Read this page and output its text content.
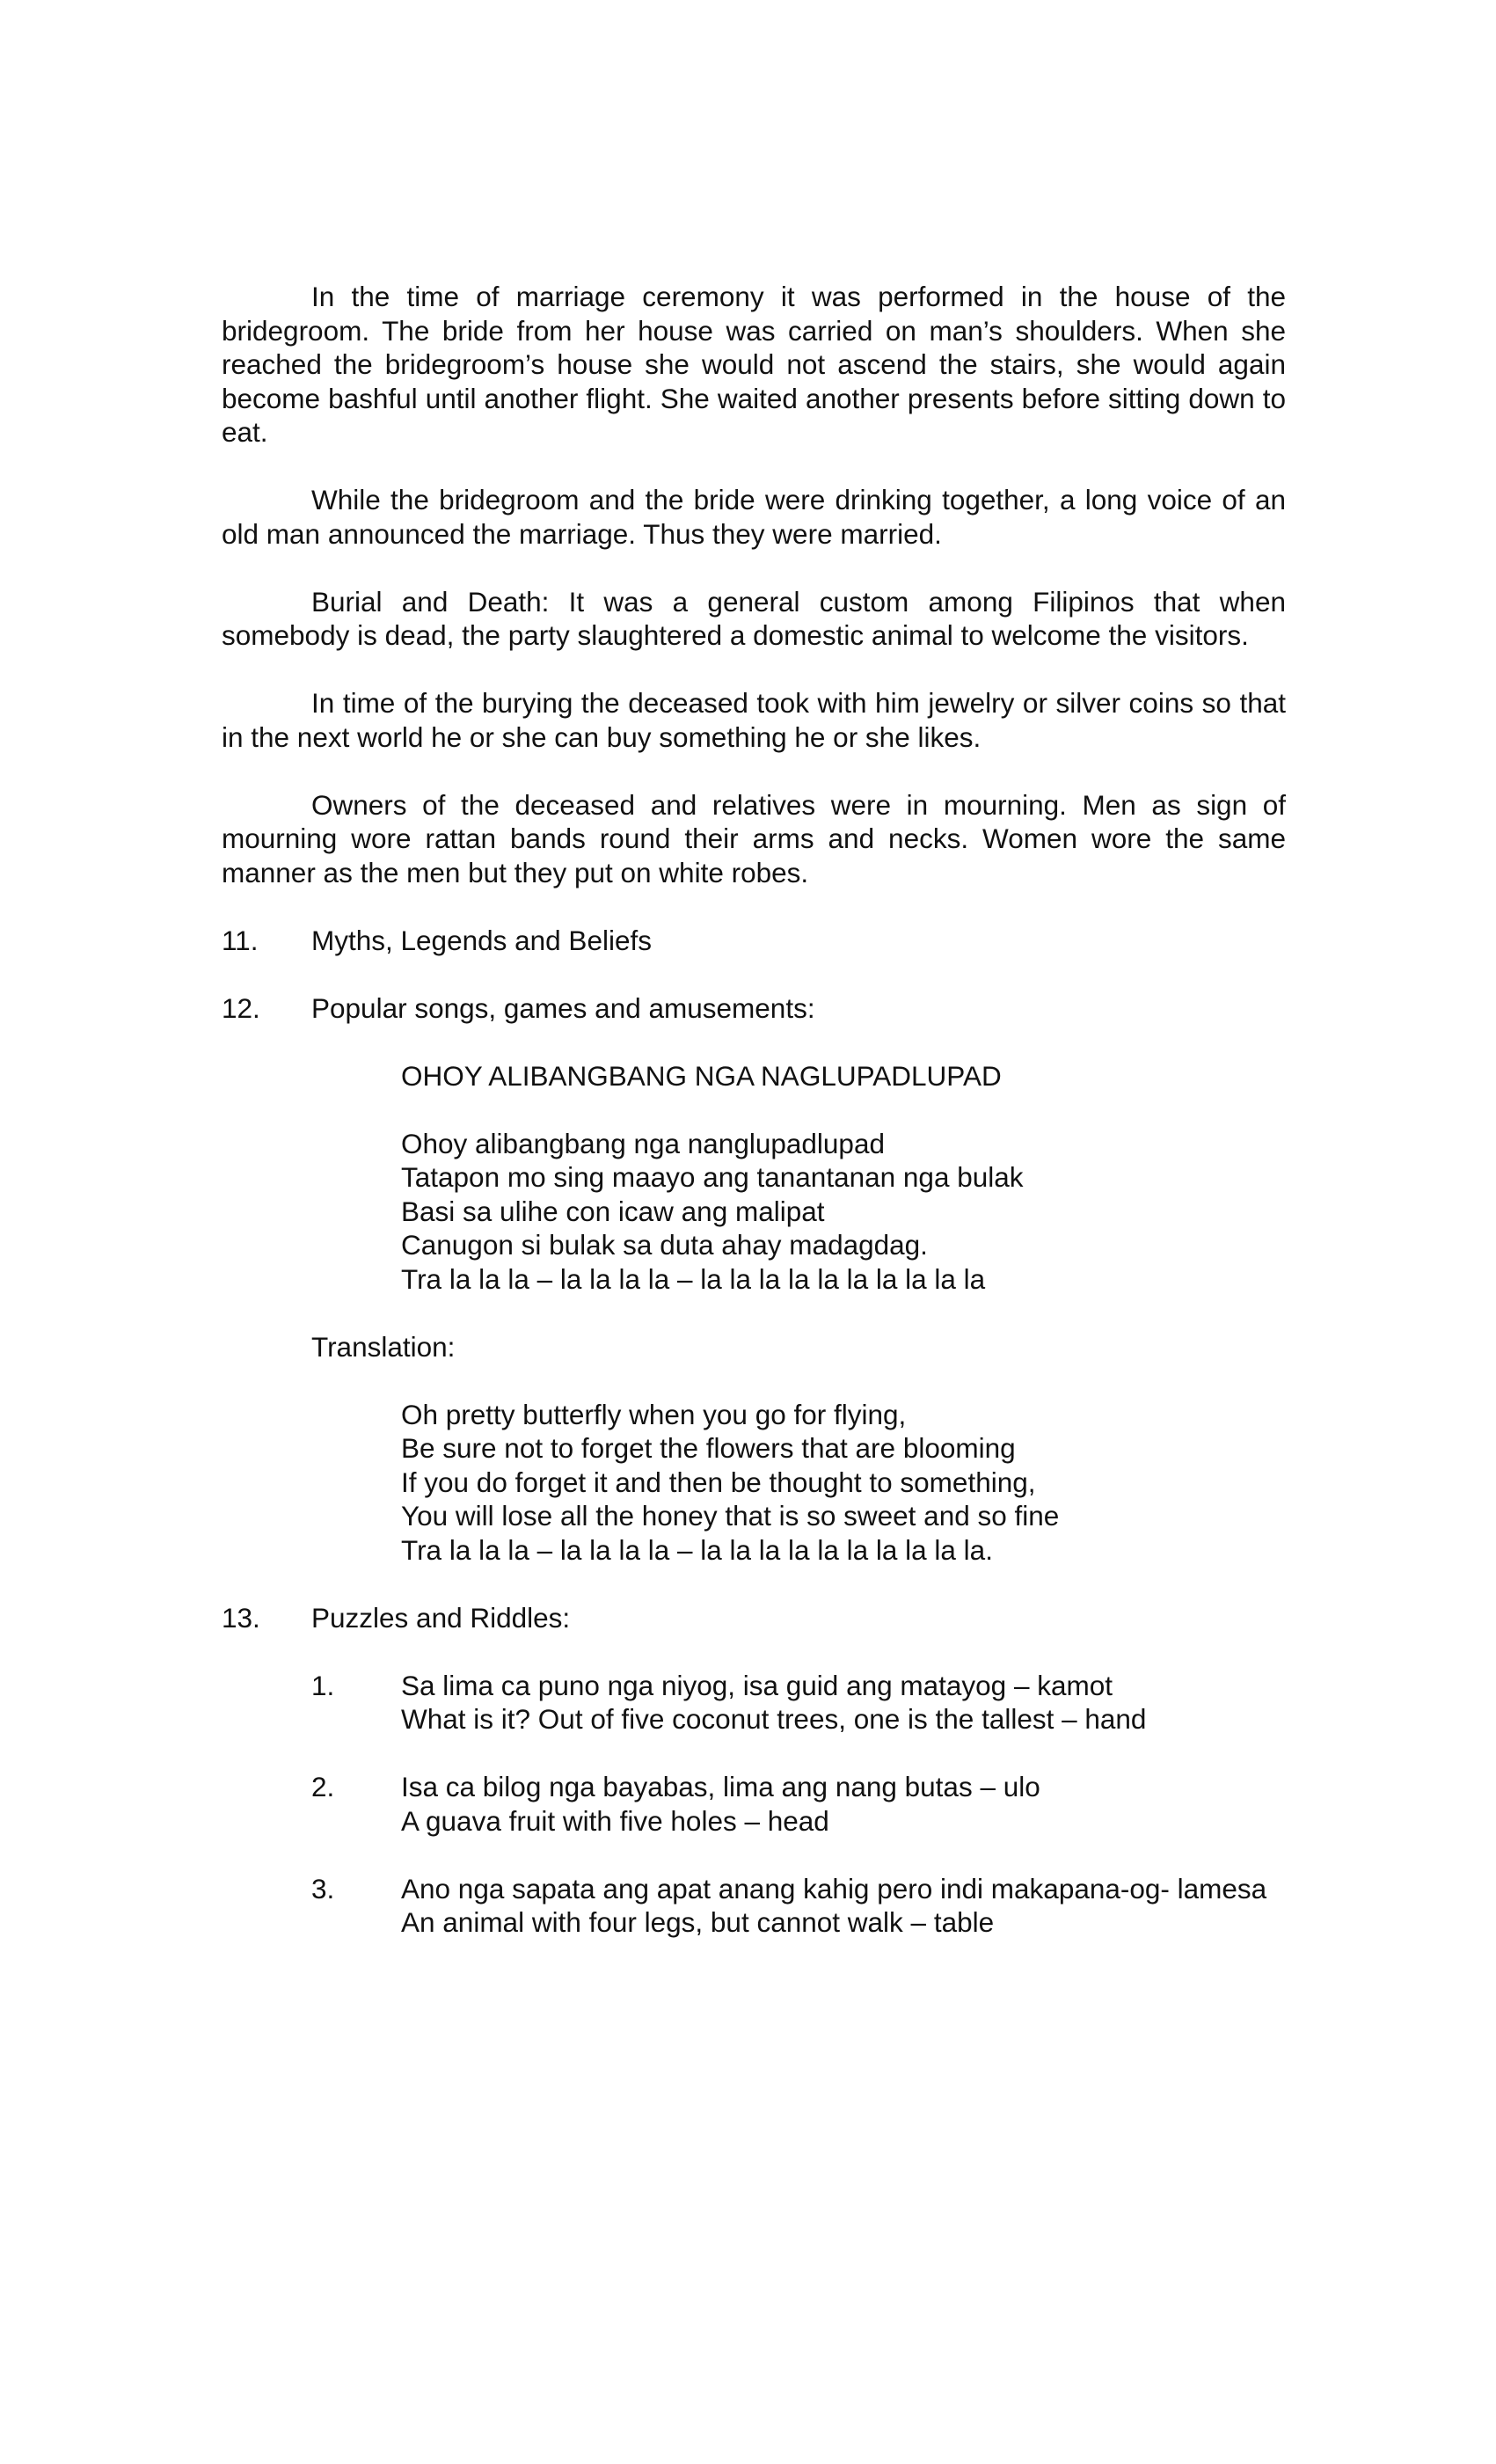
In the time of marriage ceremony it was performed in the house of the bridegroom. The bride from her house was carried on man’s shoulders. When she reached the bridegroom’s house she would not ascend the stairs, she would again become bashful until another flight. She waited another presents before sitting down to eat.

While the bridegroom and the bride were drinking together, a long voice of an old man announced the marriage. Thus they were married.

Burial and Death: It was a general custom among Filipinos that when somebody is dead, the party slaughtered a domestic animal to welcome the visitors.

In time of the burying the deceased took with him jewelry or silver coins so that in the next world he or she can buy something he or she likes.

Owners of the deceased and relatives were in mourning. Men as sign of mourning wore rattan bands round their arms and necks. Women wore the same manner as the men but they put on white robes.

11. Myths, Legends and Beliefs
12. Popular songs, games and amusements:
OHOY ALIBANGBANG NGA NAGLUPADLUPAD
Ohoy alibangbang nga nanglupadlupad
Tatapon mo sing maayo ang tanantanan nga bulak
Basi sa ulihe con icaw ang malipat
Canugon si bulak sa duta ahay madagdag.
Tra la la la – la la la la – la la la la la la la la la la
Translation:
Oh pretty butterfly when you go for flying,
Be sure not to forget the flowers that are blooming
If you do forget it and then be thought to something,
You will lose all the honey that is so sweet and so fine
Tra la la la – la la la la – la la la la la la la la la la.
13. Puzzles and Riddles:
1. Sa lima ca puno nga niyog, isa guid ang matayog – kamot
What is it? Out of five coconut trees, one is the tallest – hand
2. Isa ca bilog nga bayabas, lima ang nang butas – ulo
A guava fruit with five holes – head
3. Ano nga sapata ang apat anang kahig pero indi makapana-og- lamesa
An animal with four legs, but cannot walk – table
